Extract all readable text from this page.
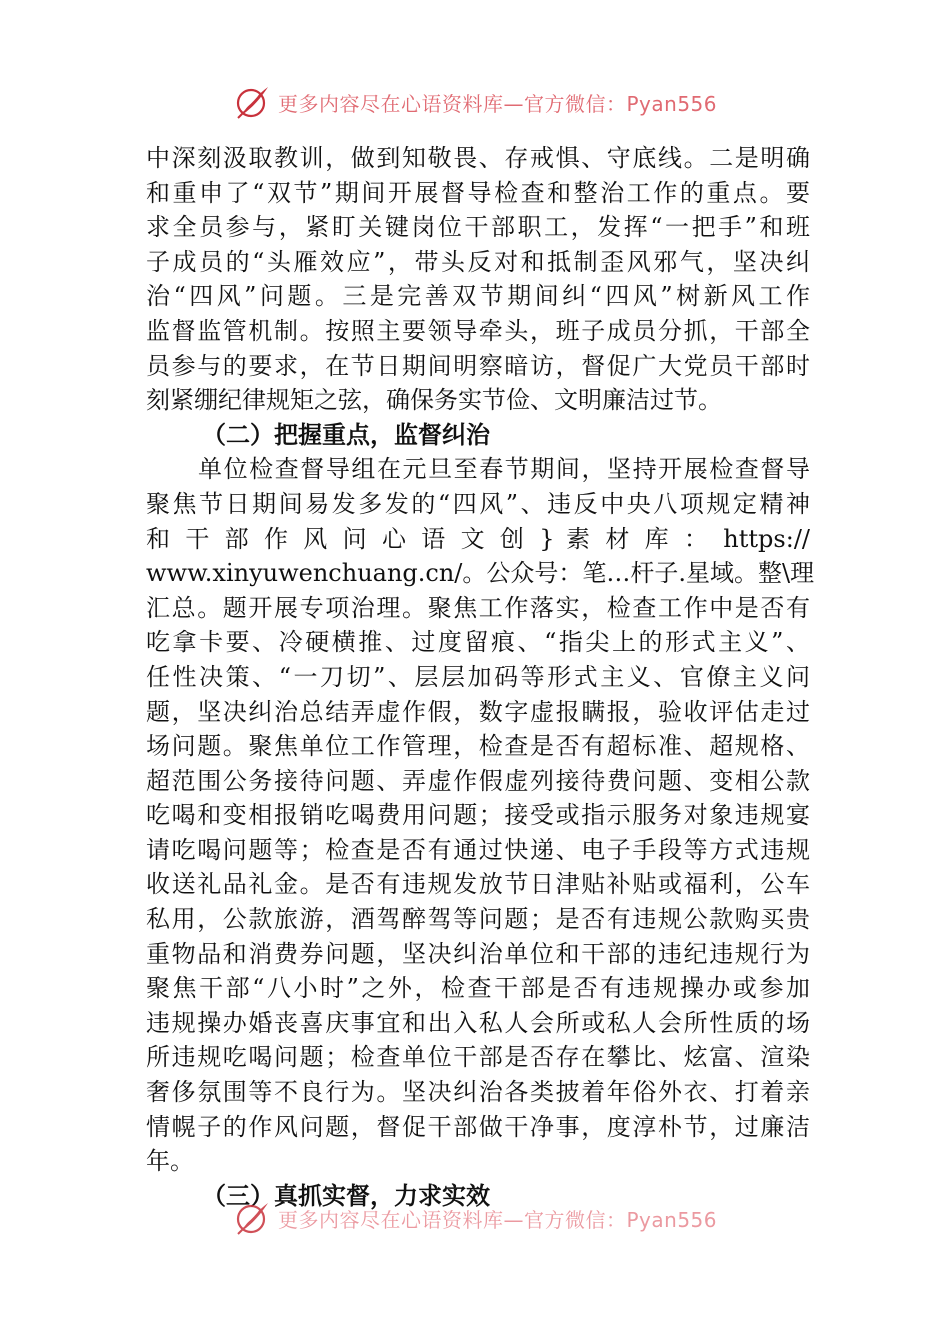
更多内容尽在心语资料库—官方微信：Pyan556
中深刻汲取教训，做到知敬畏、存戒惧、守底线。二是明确
和重申了“双节”期间开展督导检查和整治工作的重点。要
求全员参与，紧盯关键岗位干部职工，发挥“一把手”和班
子成员的“头雁效应”，带头反对和抵制歪风邪气，坚决纠
治“四风”问题。三是完善双节期间纠“四风”树新风工作
监督监管机制。按照主要领导牵头，班子成员分抓，干部全
员参与的要求，在节日期间明察暗访，督促广大党员干部时
刻紧绷纪律规矩之弦，确保务实节俭、文明廉洁过节。
（二）把握重点，监督纠治
单位检查督导组在元旦至春节期间，坚持开展检查督导
聚焦节日期间易发多发的“四风”、违反中央八项规定精神
和 干 部 作 风 问 心 语 文 创 } 素 材 库 ： https://
www.xinyuwenchuang.cn/。公众号：笔…杆子.星域。整\理
汇总。题开展专项治理。聚焦工作落实，检查工作中是否有
吃拿卡要、冷硬横推、过度留痕、“指尖上的形式主义”、
任性决策、“一刀切”、层层加码等形式主义、官僚主义问
题，坚决纠治总结弄虚作假，数字虚报瞒报，验收评估走过
场问题。聚焦单位工作管理，检查是否有超标准、超规格、
超范围公务接待问题、弄虚作假虚列接待费问题、变相公款
吃喝和变相报销吃喝费用问题；接受或指示服务对象违规宴
请吃喝问题等；检查是否有通过快递、电子手段等方式违规
收送礼品礼金。是否有违规发放节日津贴补贴或福利，公车
私用，公款旅游，酒驾醉驾等问题；是否有违规公款购买贵
重物品和消费券问题，坚决纠治单位和干部的违纪违规行为
聚焦干部“八小时”之外，检查干部是否有违规操办或参加
违规操办婚丧喜庆事宜和出入私人会所或私人会所性质的场
所违规吃喝问题；检查单位干部是否存在攀比、炫富、渲染
奢侈氛围等不良行为。坚决纠治各类披着年俗外衣、打着亲
情幌子的作风问题，督促干部做干净事，度淳朴节，过廉洁
年。
（三）真抓实督，力求实效
更多内容尽在心语资料库—官方微信：Pyan556
